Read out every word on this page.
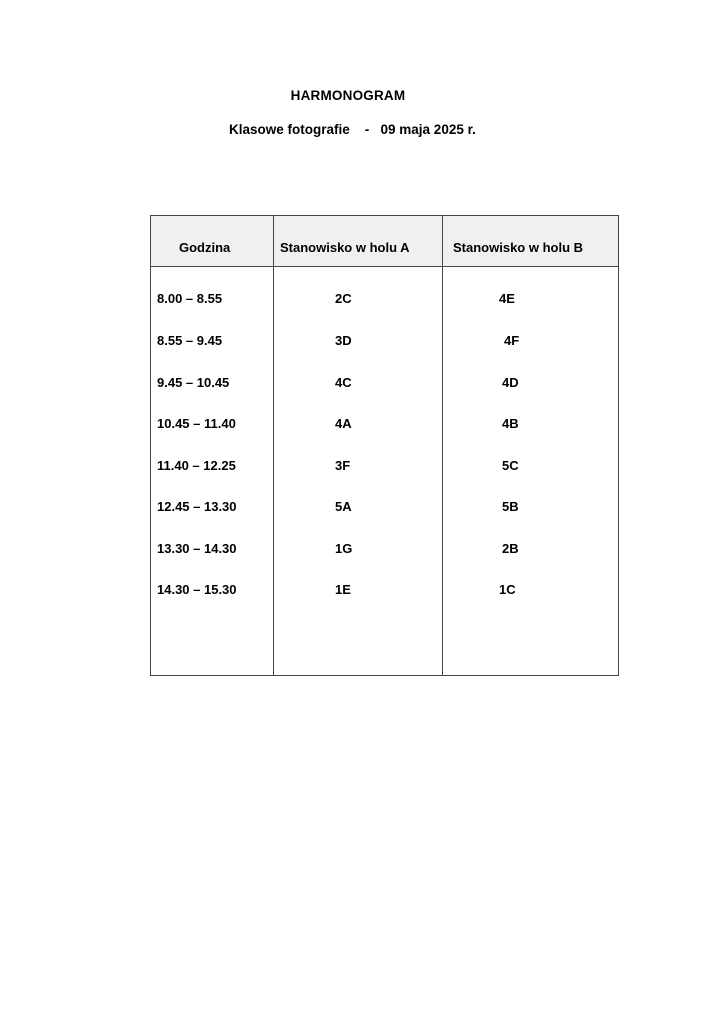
HARMONOGRAM
Klasowe fotografie    -   09 maja 2025 r.
Godzina	Stanowisko w holu A	Stanowisko w holu B
8.00 – 8.55	2C	4E
8.55 – 9.45	3D	4F
9.45 – 10.45	4C	4D
10.45 – 11.40	4A	4B
11.40 – 12.25	3F	5C
12.45 – 13.30	5A	5B
13.30 – 14.30	1G	2B
14.30 – 15.30	1E	1C
